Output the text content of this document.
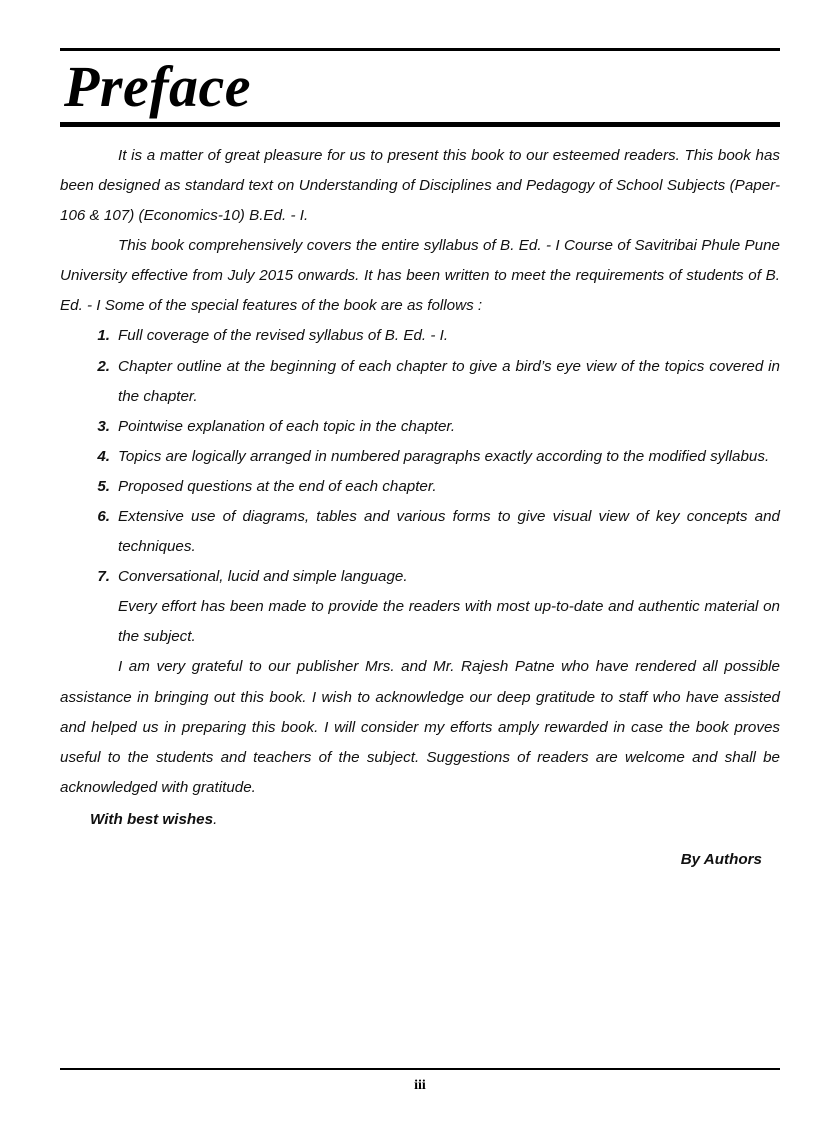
Preface

It is a matter of great pleasure for us to present this book to our esteemed readers. This book has been designed as standard text on Understanding of Disciplines and Pedagogy of School Subjects (Paper-106 & 107) (Economics-10) B.Ed. - I.

This book comprehensively covers the entire syllabus of B. Ed. - I Course of Savitribai Phule Pune University effective from July 2015 onwards. It has been written to meet the requirements of students of B. Ed. - I Some of the special features of the book are as follows :

1. Full coverage of the revised syllabus of B. Ed. - I.
2. Chapter outline at the beginning of each chapter to give a bird’s eye view of the topics covered in the chapter.
3. Pointwise explanation of each topic in the chapter.
4. Topics are logically arranged in numbered paragraphs exactly according to the modified syllabus.
5. Proposed questions at the end of each chapter.
6. Extensive use of diagrams, tables and various forms to give visual view of key concepts and techniques.
7. Conversational, lucid and simple language.
Every effort has been made to provide the readers with most up-to-date and authentic material on the subject.

I am very grateful to our publisher Mrs. and Mr. Rajesh Patne who have rendered all possible assistance in bringing out this book. I wish to acknowledge our deep gratitude to staff who have assisted and helped us in preparing this book. I will consider my efforts amply rewarded in case the book proves useful to the students and teachers of the subject. Suggestions of readers are welcome and shall be acknowledged with gratitude.

With best wishes.
By Authors
iii
